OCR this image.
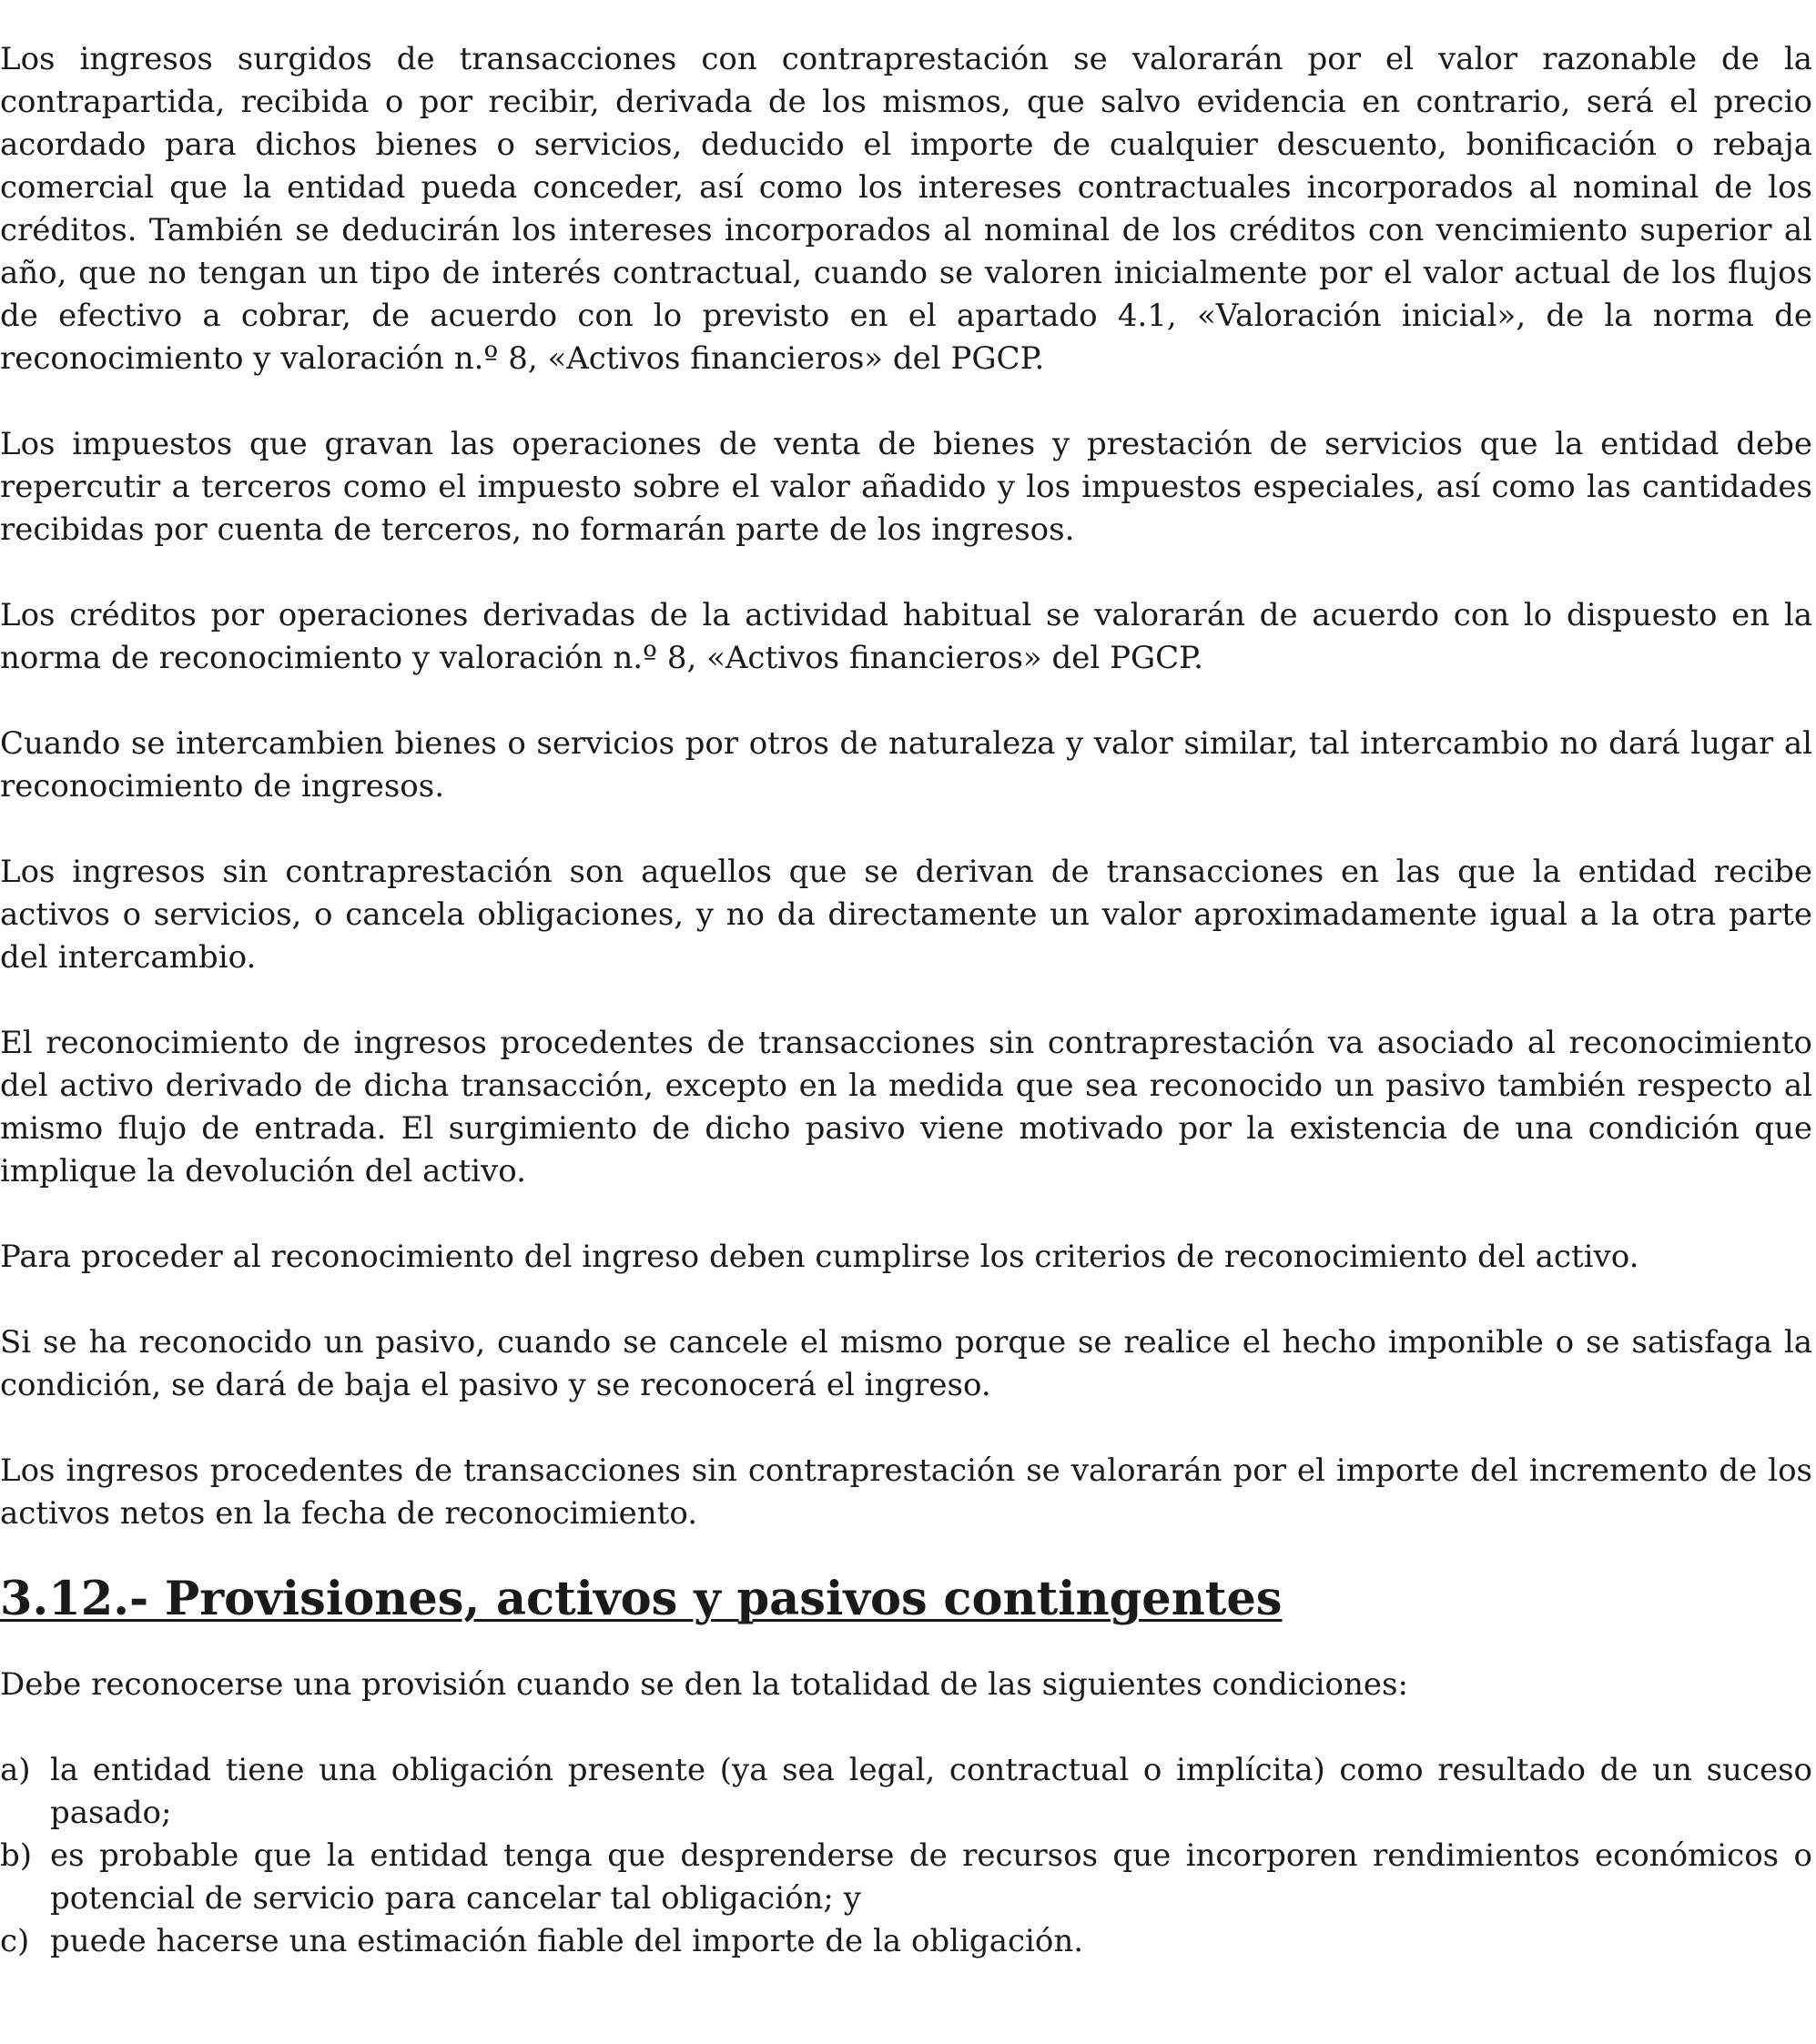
Los ingresos surgidos de transacciones con contraprestación se valorarán por el valor razonable de la contrapartida, recibida o por recibir, derivada de los mismos, que salvo evidencia en contrario, será el precio acordado para dichos bienes o servicios, deducido el importe de cualquier descuento, bonificación o rebaja comercial que la entidad pueda conceder, así como los intereses contractuales incorporados al nominal de los créditos. También se deducirán los intereses incorporados al nominal de los créditos con vencimiento superior al año, que no tengan un tipo de interés contractual, cuando se valoren inicialmente por el valor actual de los flujos de efectivo a cobrar, de acuerdo con lo previsto en el apartado 4.1, «Valoración inicial», de la norma de reconocimiento y valoración n.º 8, «Activos financieros» del PGCP.

Los impuestos que gravan las operaciones de venta de bienes y prestación de servicios que la entidad debe repercutir a terceros como el impuesto sobre el valor añadido y los impuestos especiales, así como las cantidades recibidas por cuenta de terceros, no formarán parte de los ingresos.

Los créditos por operaciones derivadas de la actividad habitual se valorarán de acuerdo con lo dispuesto en la norma de reconocimiento y valoración n.º 8, «Activos financieros» del PGCP.

Cuando se intercambien bienes o servicios por otros de naturaleza y valor similar, tal intercambio no dará lugar al reconocimiento de ingresos.

Los ingresos sin contraprestación son aquellos que se derivan de transacciones en las que la entidad recibe activos o servicios, o cancela obligaciones, y no da directamente un valor aproximadamente igual a la otra parte del intercambio.

El reconocimiento de ingresos procedentes de transacciones sin contraprestación va asociado al reconocimiento del activo derivado de dicha transacción, excepto en la medida que sea reconocido un pasivo también respecto al mismo flujo de entrada. El surgimiento de dicho pasivo viene motivado por la existencia de una condición que implique la devolución del activo.

Para proceder al reconocimiento del ingreso deben cumplirse los criterios de reconocimiento del activo.

Si se ha reconocido un pasivo, cuando se cancele el mismo porque se realice el hecho imponible o se satisfaga la condición, se dará de baja el pasivo y se reconocerá el ingreso.

Los ingresos procedentes de transacciones sin contraprestación se valorarán por el importe del incremento de los activos netos en la fecha de reconocimiento.

3.12.- Provisiones, activos y pasivos contingentes

Debe reconocerse una provisión cuando se den la totalidad de las siguientes condiciones:

a) la entidad tiene una obligación presente (ya sea legal, contractual o implícita) como resultado de un suceso pasado;
b) es probable que la entidad tenga que desprenderse de recursos que incorporen rendimientos económicos o potencial de servicio para cancelar tal obligación; y
c) puede hacerse una estimación fiable del importe de la obligación.
